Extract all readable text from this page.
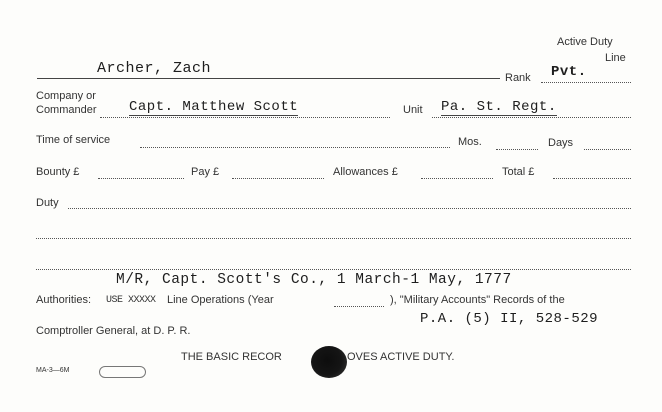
Active Duty
Line
Archer, Zach
Rank Pvt.
Company or
Commander Capt. Matthew Scott	Unit Pa. St. Regt.
Time of service	Mos.	Days
Bounty £	Pay £	Allowances £	Total £
Duty
M/R, Capt. Scott's Co., 1 March-1 May, 1777
Authorities: USE XXXXX Line Operations (Year	), "Military Accounts" Records of the
P.A. (5) II, 528-529
Comptroller General, at D. P. R.
THE BASIC RECOR	OVES ACTIVE DUTY.
MA-3—6M
